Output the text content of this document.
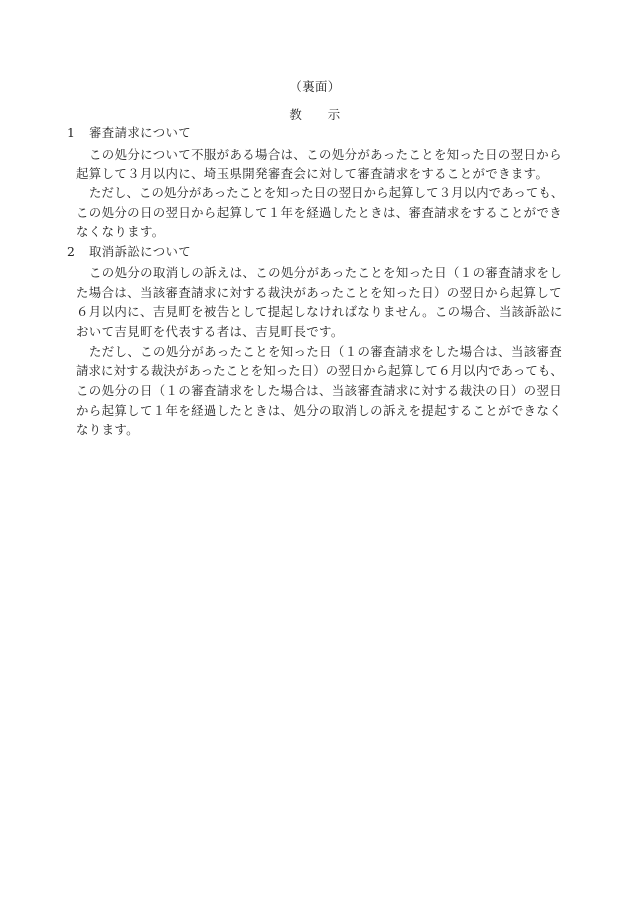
（裏面）
教　　示
1 審査請求について
この処分について不服がある場合は、この処分があったことを知った日の翌日から
起算して３月以内に、埼玉県開発審査会に対して審査請求をすることができます。
ただし、この処分があったことを知った日の翌日から起算して３月以内であっても、
この処分の日の翌日から起算して１年を経過したときは、審査請求をすることができ
なくなります。
2 取消訴訟について
この処分の取消しの訴えは、この処分があったことを知った日（１の審査請求をし
た場合は、当該審査請求に対する裁決があったことを知った日）の翌日から起算して
６月以内に、吉見町を被告として提起しなければなりません。この場合、当該訴訟に
おいて吉見町を代表する者は、吉見町長です。
ただし、この処分があったことを知った日（１の審査請求をした場合は、当該審査
請求に対する裁決があったことを知った日）の翌日から起算して６月以内であっても、
この処分の日（１の審査請求をした場合は、当該審査請求に対する裁決の日）の翌日
から起算して１年を経過したときは、処分の取消しの訴えを提起することができなく
なります。
